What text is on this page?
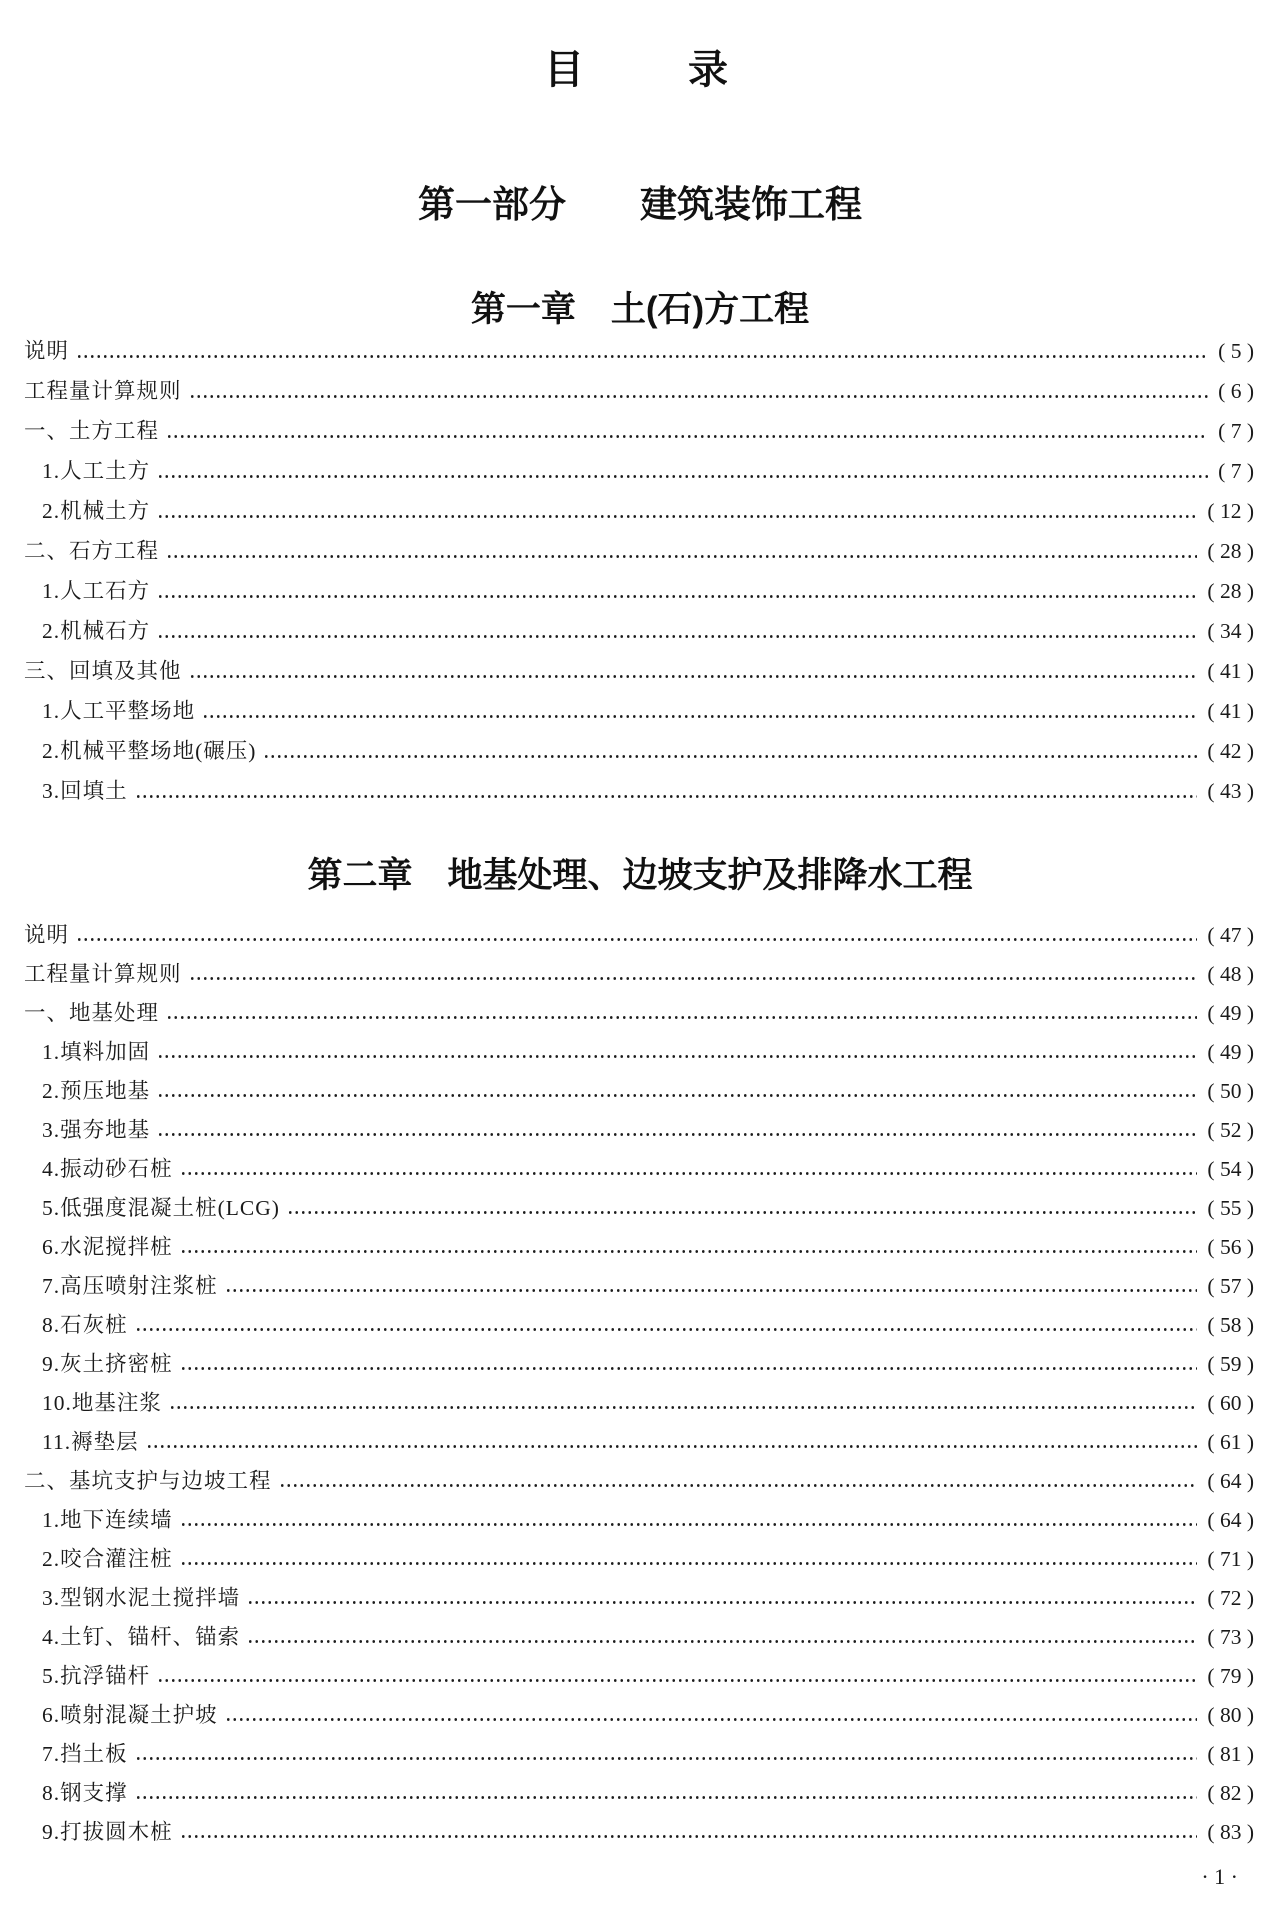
目　　录
第一部分　　建筑装饰工程
第一章　土(石)方工程
说明	( 5 )
工程量计算规则	( 6 )
一、土方工程	( 7 )
1.人工土方	( 7 )
2.机械土方	( 12 )
二、石方工程	( 28 )
1.人工石方	( 28 )
2.机械石方	( 34 )
三、回填及其他	( 41 )
1.人工平整场地	( 41 )
2.机械平整场地(碾压)	( 42 )
3.回填土	( 43 )
第二章　地基处理、边坡支护及排降水工程
说明	( 47 )
工程量计算规则	( 48 )
一、地基处理	( 49 )
1.填料加固	( 49 )
2.预压地基	( 50 )
3.强夯地基	( 52 )
4.振动砂石桩	( 54 )
5.低强度混凝土桩(LCG)	( 55 )
6.水泥搅拌桩	( 56 )
7.高压喷射注浆桩	( 57 )
8.石灰桩	( 58 )
9.灰土挤密桩	( 59 )
10.地基注浆	( 60 )
11.褥垫层	( 61 )
二、基坑支护与边坡工程	( 64 )
1.地下连续墙	( 64 )
2.咬合灌注桩	( 71 )
3.型钢水泥土搅拌墙	( 72 )
4.土钉、锚杆、锚索	( 73 )
5.抗浮锚杆	( 79 )
6.喷射混凝土护坡	( 80 )
7.挡土板	( 81 )
8.钢支撑	( 82 )
9.打拔圆木桩	( 83 )
· 1 ·
